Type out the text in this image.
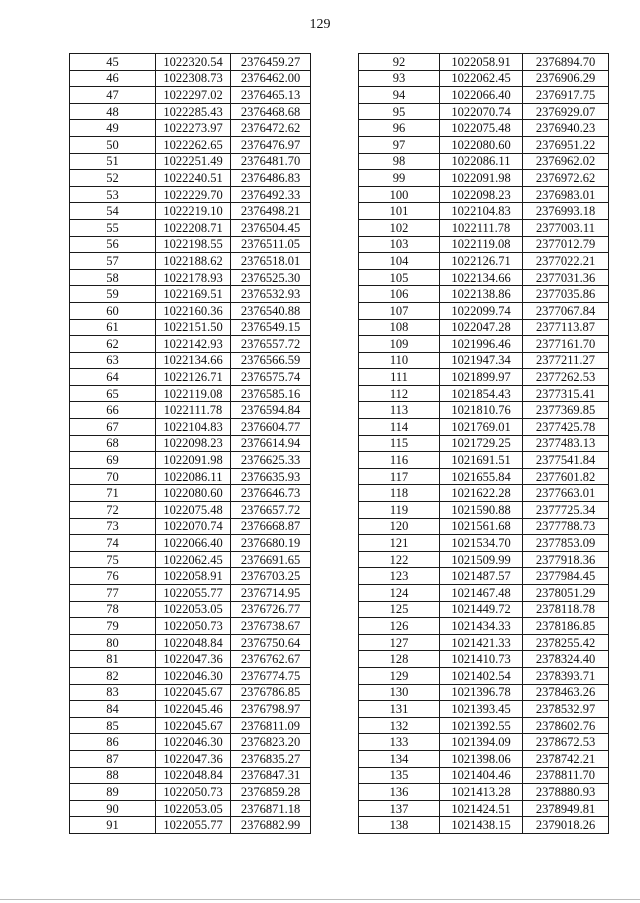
129
45	1022320.54	2376459.27
46	1022308.73	2376462.00
47	1022297.02	2376465.13
48	1022285.43	2376468.68
49	1022273.97	2376472.62
50	1022262.65	2376476.97
51	1022251.49	2376481.70
52	1022240.51	2376486.83
53	1022229.70	2376492.33
54	1022219.10	2376498.21
55	1022208.71	2376504.45
56	1022198.55	2376511.05
57	1022188.62	2376518.01
58	1022178.93	2376525.30
59	1022169.51	2376532.93
60	1022160.36	2376540.88
61	1022151.50	2376549.15
62	1022142.93	2376557.72
63	1022134.66	2376566.59
64	1022126.71	2376575.74
65	1022119.08	2376585.16
66	1022111.78	2376594.84
67	1022104.83	2376604.77
68	1022098.23	2376614.94
69	1022091.98	2376625.33
70	1022086.11	2376635.93
71	1022080.60	2376646.73
72	1022075.48	2376657.72
73	1022070.74	2376668.87
74	1022066.40	2376680.19
75	1022062.45	2376691.65
76	1022058.91	2376703.25
77	1022055.77	2376714.95
78	1022053.05	2376726.77
79	1022050.73	2376738.67
80	1022048.84	2376750.64
81	1022047.36	2376762.67
82	1022046.30	2376774.75
83	1022045.67	2376786.85
84	1022045.46	2376798.97
85	1022045.67	2376811.09
86	1022046.30	2376823.20
87	1022047.36	2376835.27
88	1022048.84	2376847.31
89	1022050.73	2376859.28
90	1022053.05	2376871.18
91	1022055.77	2376882.99
92	1022058.91	2376894.70
93	1022062.45	2376906.29
94	1022066.40	2376917.75
95	1022070.74	2376929.07
96	1022075.48	2376940.23
97	1022080.60	2376951.22
98	1022086.11	2376962.02
99	1022091.98	2376972.62
100	1022098.23	2376983.01
101	1022104.83	2376993.18
102	1022111.78	2377003.11
103	1022119.08	2377012.79
104	1022126.71	2377022.21
105	1022134.66	2377031.36
106	1022138.86	2377035.86
107	1022099.74	2377067.84
108	1022047.28	2377113.87
109	1021996.46	2377161.70
110	1021947.34	2377211.27
111	1021899.97	2377262.53
112	1021854.43	2377315.41
113	1021810.76	2377369.85
114	1021769.01	2377425.78
115	1021729.25	2377483.13
116	1021691.51	2377541.84
117	1021655.84	2377601.82
118	1021622.28	2377663.01
119	1021590.88	2377725.34
120	1021561.68	2377788.73
121	1021534.70	2377853.09
122	1021509.99	2377918.36
123	1021487.57	2377984.45
124	1021467.48	2378051.29
125	1021449.72	2378118.78
126	1021434.33	2378186.85
127	1021421.33	2378255.42
128	1021410.73	2378324.40
129	1021402.54	2378393.71
130	1021396.78	2378463.26
131	1021393.45	2378532.97
132	1021392.55	2378602.76
133	1021394.09	2378672.53
134	1021398.06	2378742.21
135	1021404.46	2378811.70
136	1021413.28	2378880.93
137	1021424.51	2378949.81
138	1021438.15	2379018.26
